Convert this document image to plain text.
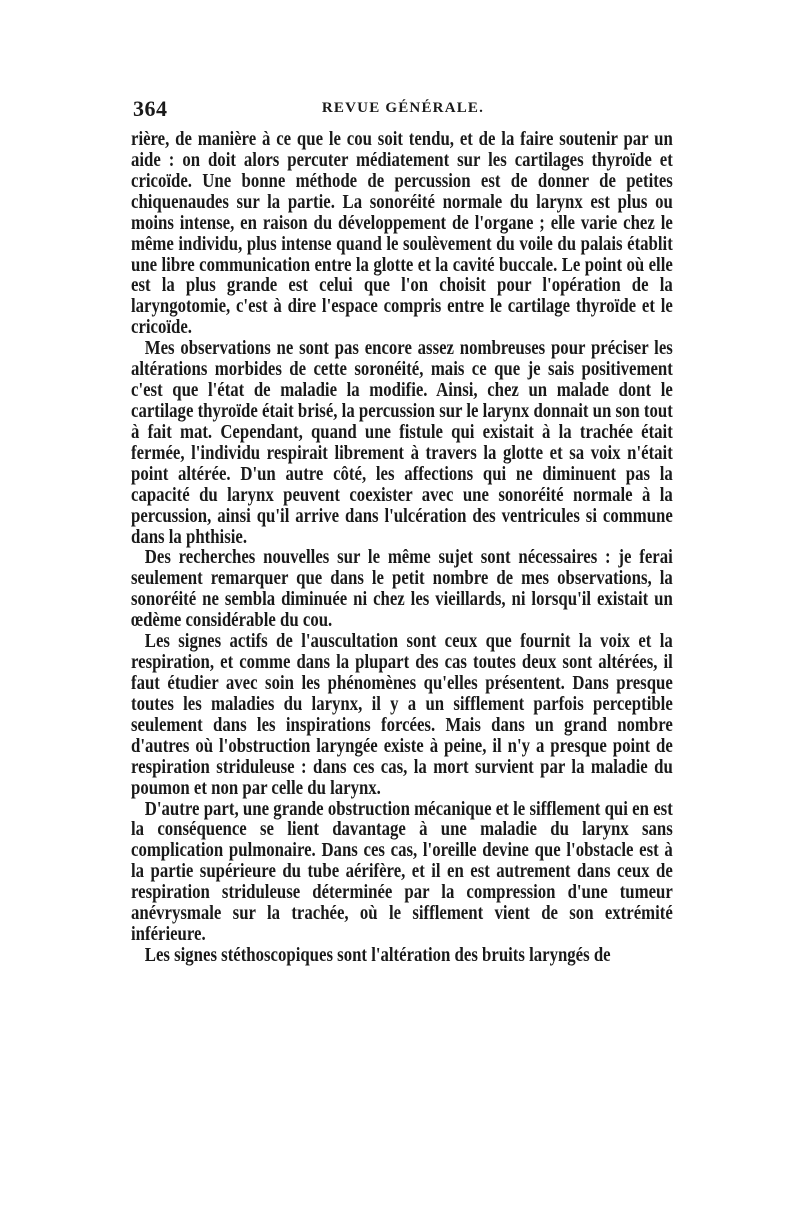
364	REVUE GÉNÉRALE.

rière, de manière à ce que le cou soit tendu, et de la faire soutenir par un aide : on doit alors percuter médiatement sur les cartilages thyroïde et cricoïde. Une bonne méthode de percussion est de donner de petites chiquenaudes sur la partie. La sonoréité normale du larynx est plus ou moins intense, en raison du développement de l'organe ; elle varie chez le même individu, plus intense quand le soulèvement du voile du palais établit une libre communication entre la glotte et la cavité buccale. Le point où elle est la plus grande est celui que l'on choisit pour l'opération de la laryngotomie, c'est à dire l'espace compris entre le cartilage thyroïde et le cricoïde.

Mes observations ne sont pas encore assez nombreuses pour préciser les altérations morbides de cette soronéité, mais ce que je sais positivement c'est que l'état de maladie la modifie. Ainsi, chez un malade dont le cartilage thyroïde était brisé, la percussion sur le larynx donnait un son tout à fait mat. Cependant, quand une fistule qui existait à la trachée était fermée, l'individu respirait librement à travers la glotte et sa voix n'était point altérée. D'un autre côté, les affections qui ne diminuent pas la capacité du larynx peuvent coexister avec une sonoréité normale à la percussion, ainsi qu'il arrive dans l'ulcération des ventricules si commune dans la phthisie.

Des recherches nouvelles sur le même sujet sont nécessaires : je ferai seulement remarquer que dans le petit nombre de mes observations, la sonoréité ne sembla diminuée ni chez les vieillards, ni lorsqu'il existait un œdème considérable du cou.

Les signes actifs de l'auscultation sont ceux que fournit la voix et la respiration, et comme dans la plupart des cas toutes deux sont altérées, il faut étudier avec soin les phénomènes qu'elles présentent. Dans presque toutes les maladies du larynx, il y a un sifflement parfois perceptible seulement dans les inspirations forcées. Mais dans un grand nombre d'autres où l'obstruction laryngée existe à peine, il n'y a presque point de respiration striduleuse : dans ces cas, la mort survient par la maladie du poumon et non par celle du larynx.

D'autre part, une grande obstruction mécanique et le sifflement qui en est la conséquence se lient davantage à une maladie du larynx sans complication pulmonaire. Dans ces cas, l'oreille devine que l'obstacle est à la partie supérieure du tube aérifère, et il en est autrement dans ceux de respiration striduleuse déterminée par la compression d'une tumeur anévrysmale sur la trachée, où le sifflement vient de son extrémité inférieure.

Les signes stéthoscopiques sont l'altération des bruits laryngés de
